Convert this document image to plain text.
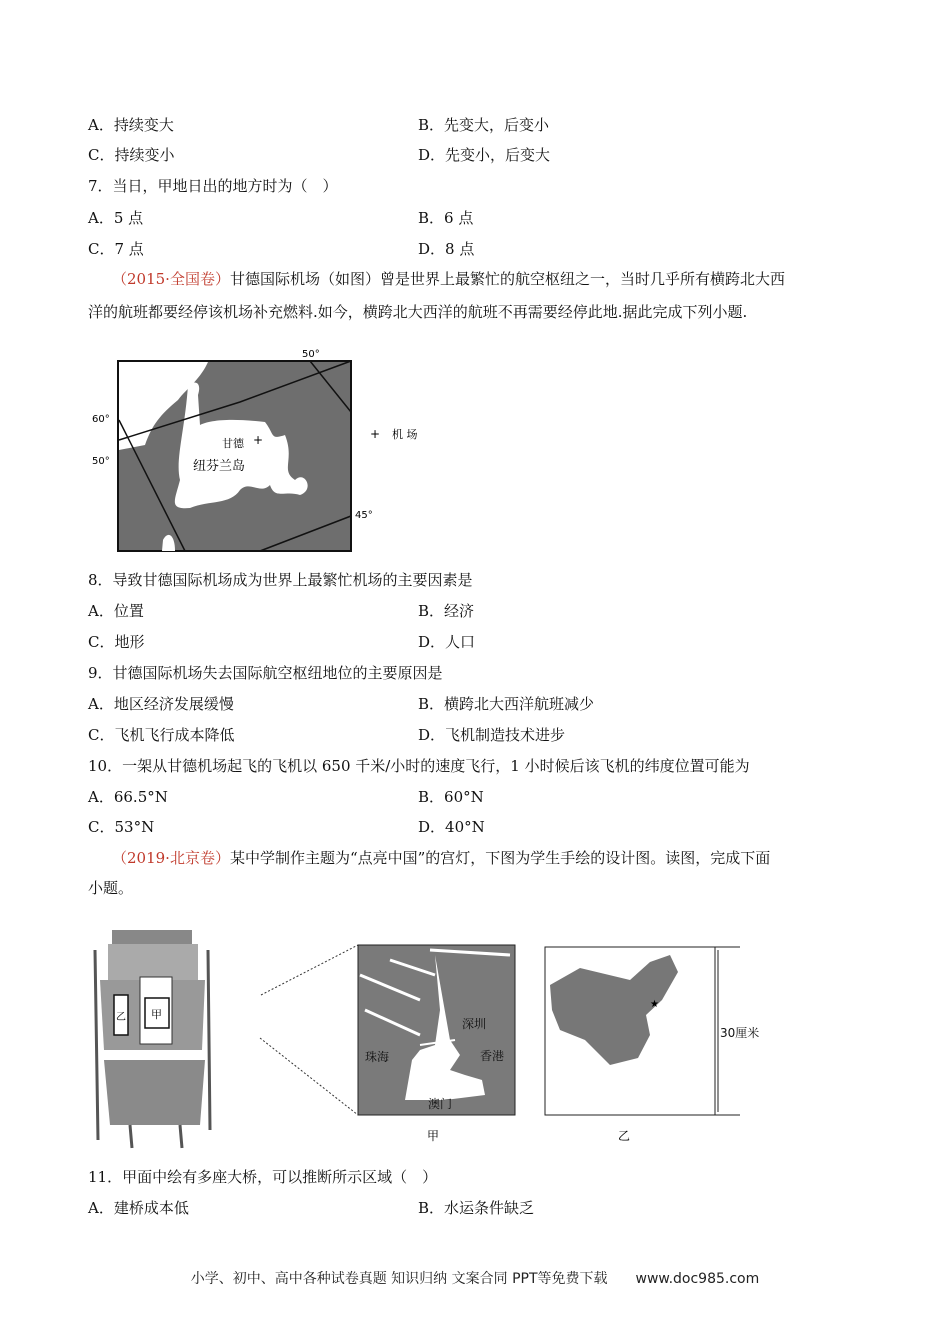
A．持续变大	B．先变大，后变小
C．持续变小	D．先变小，后变大
7．当日，甲地日出的地方时为（　）
A．5 点	B．6 点
C．7 点	D．8 点
（2015·全国卷）甘德国际机场（如图）曾是世界上最繁忙的航空枢纽之一，当时几乎所有横跨北大西
洋的航班都要经停该机场补充燃料.如今，横跨北大西洋的航班不再需要经停此地.据此完成下列小题.
50°
60°
50°
45°
甘德 +
纽芬兰岛
+ 机 场
8．导致甘德国际机场成为世界上最繁忙机场的主要因素是
A．位置	B．经济
C．地形	D．人口
9．甘德国际机场失去国际航空枢纽地位的主要原因是
A．地区经济发展缓慢	B．横跨北大西洋航班减少
C．飞机飞行成本降低	D．飞机制造技术进步
10．一架从甘德机场起飞的飞机以 650 千米/小时的速度飞行，1 小时候后该飞机的纬度位置可能为
A．66.5°N	B．60°N
C．53°N	D．40°N
（2019·北京卷）某中学制作主题为“点亮中国”的宫灯，下图为学生手绘的设计图。读图，完成下面
小题。
甲
乙	深圳
珠海	香港
澳门
★
30厘米
甲	乙
11．甲面中绘有多座大桥，可以推断所示区域（　）
A．建桥成本低	B．水运条件缺乏
小学、初中、高中各种试卷真题 知识归纳 文案合同 PPT等免费下载　　www.doc985.com
